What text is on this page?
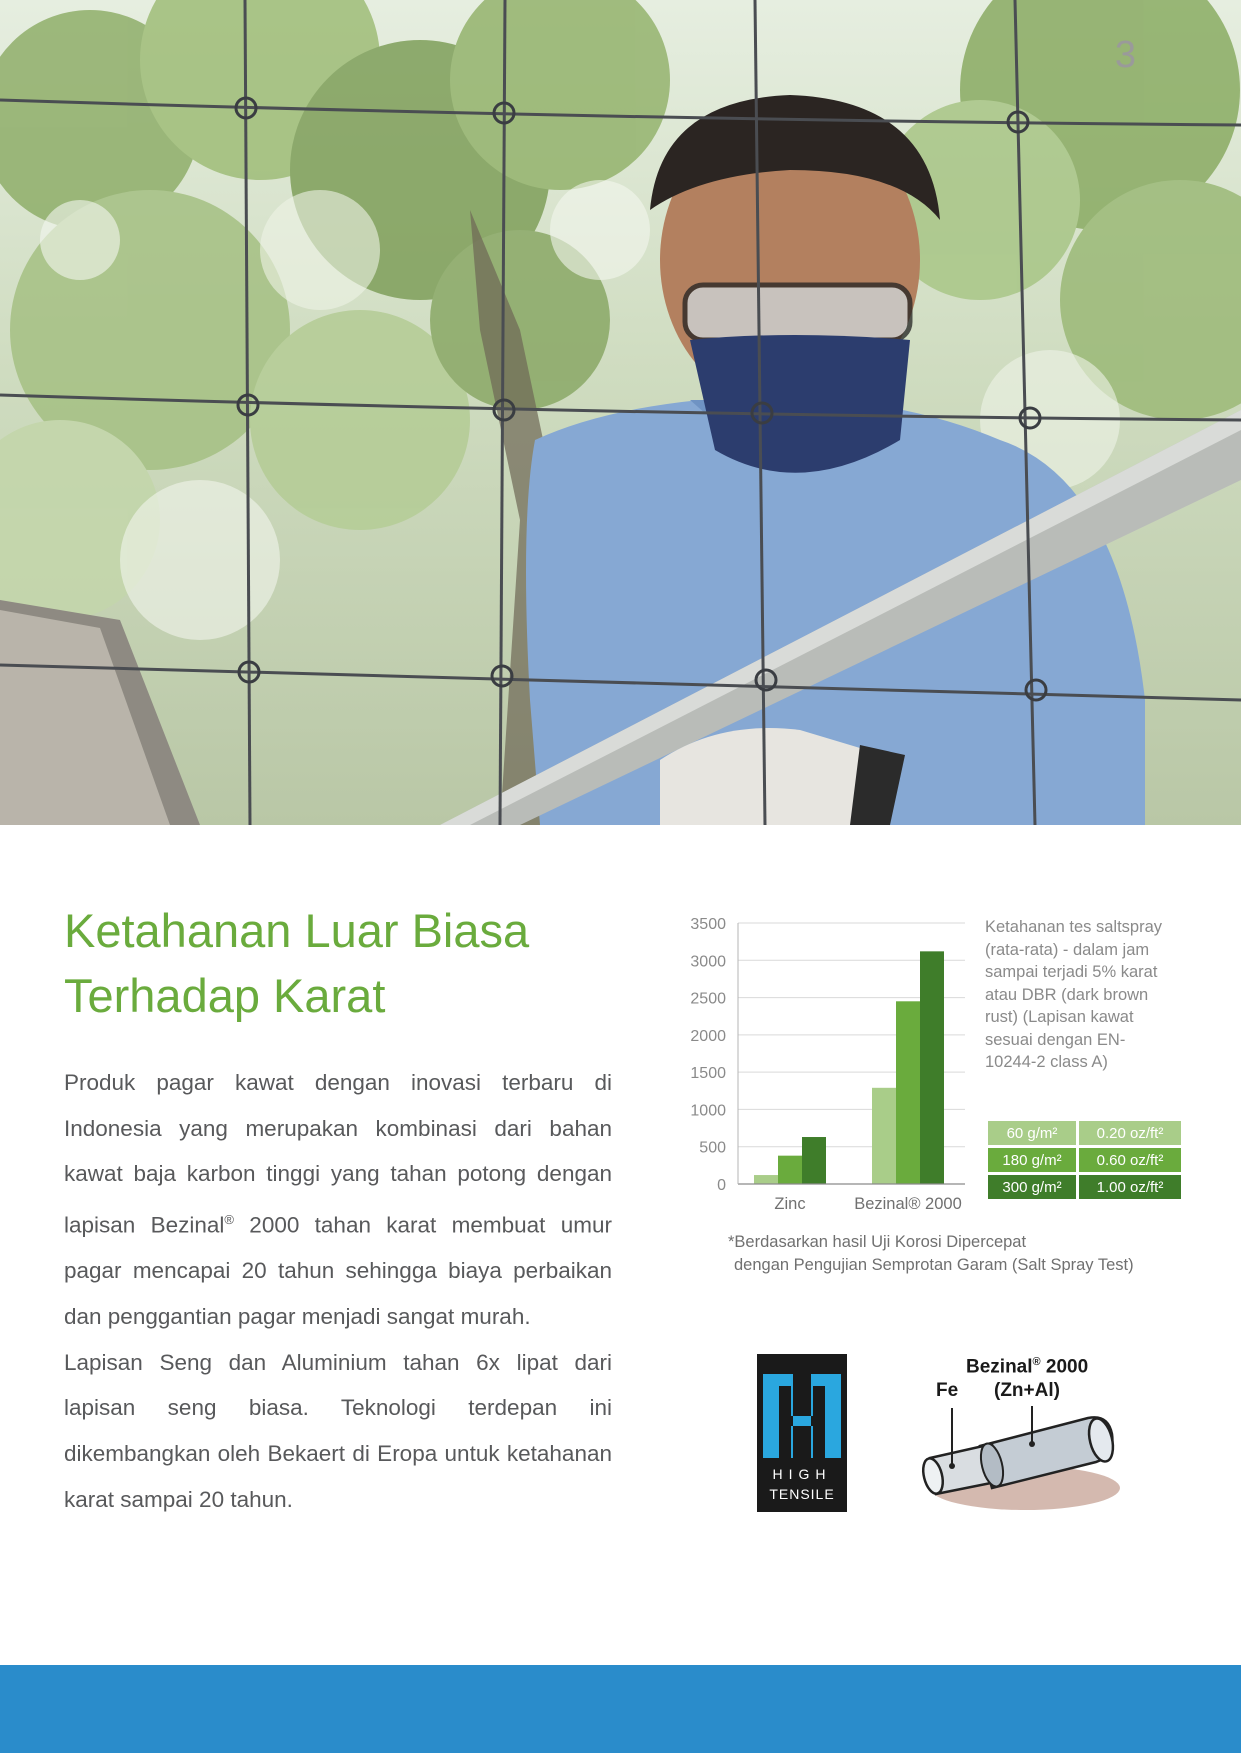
3
Ketahanan Luar Biasa Terhadap Karat

Produk pagar kawat dengan inovasi terbaru di Indonesia yang merupakan kombinasi dari bahan kawat baja karbon tinggi yang tahan potong dengan lapisan Bezinal® 2000 tahan karat membuat umur pagar mencapai 20 tahun sehingga biaya perbaikan dan penggantian pagar menjadi sangat murah.
Lapisan Seng dan Aluminium tahan 6x lipat dari lapisan seng biasa. Teknologi terdepan ini dikembangkan oleh Bekaert di Eropa untuk ketahanan karat sampai 20 tahun.

0
500
1000
1500
2000
2500
3000
3500
Zinc	Bezinal® 2000

Ketahanan tes saltspray (rata-rata) - dalam jam sampai terjadi 5% karat atau DBR (dark brown rust) (Lapisan kawat sesuai dengan EN-10244-2 class A)

60 g/m²	0.20 oz/ft²
180 g/m²	0.60 oz/ft²
300 g/m²	1.00 oz/ft²

*Berdasarkan hasil Uji Korosi Dipercepat
dengan Pengujian Semprotan Garam (Salt Spray Test)

HIGH
TENSILE
Bezinal® 2000
Fe (Zn+Al)
